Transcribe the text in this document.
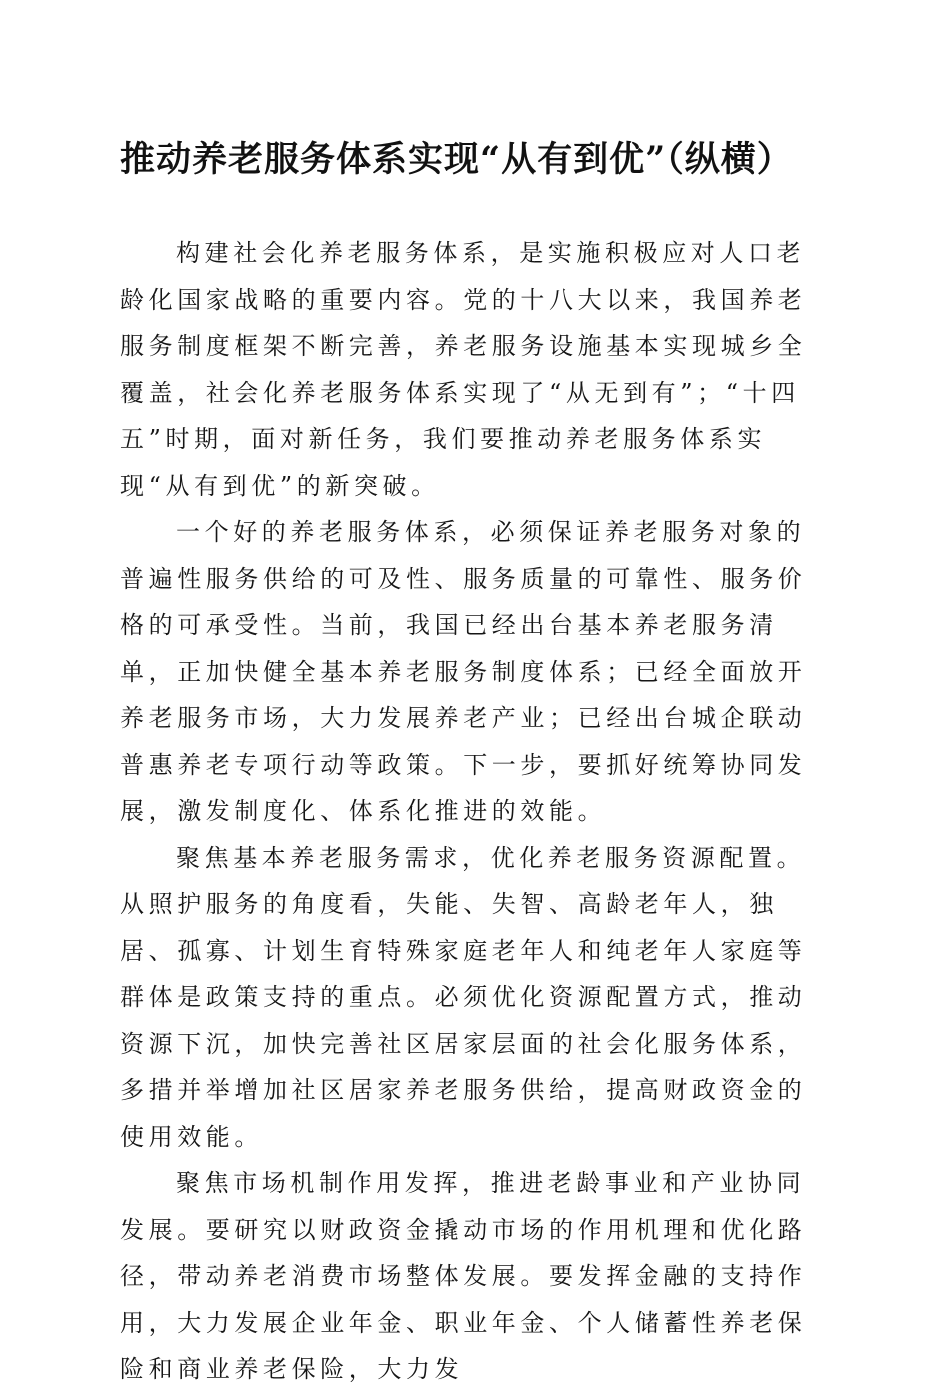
推动养老服务体系实现“从有到优”（纵横）

构建社会化养老服务体系，是实施积极应对人口老龄化国家战略的重要内容。党的十八大以来，我国养老服务制度框架不断完善，养老服务设施基本实现城乡全覆盖，社会化养老服务体系实现了“从无到有”；“十四五”时期，面对新任务，我们要推动养老服务体系实现“从有到优”的新突破。

一个好的养老服务体系，必须保证养老服务对象的普遍性服务供给的可及性、服务质量的可靠性、服务价格的可承受性。当前，我国已经出台基本养老服务清单，正加快健全基本养老服务制度体系；已经全面放开养老服务市场，大力发展养老产业；已经出台城企联动普惠养老专项行动等政策。下一步，要抓好统筹协同发展，激发制度化、体系化推进的效能。

聚焦基本养老服务需求，优化养老服务资源配置。从照护服务的角度看，失能、失智、高龄老年人，独居、孤寡、计划生育特殊家庭老年人和纯老年人家庭等群体是政策支持的重点。必须优化资源配置方式，推动资源下沉，加快完善社区居家层面的社会化服务体系，多措并举增加社区居家养老服务供给，提高财政资金的使用效能。

聚焦市场机制作用发挥，推进老龄事业和产业协同发展。要研究以财政资金撬动市场的作用机理和优化路径，带动养老消费市场整体发展。要发挥金融的支持作用，大力发展企业年金、职业年金、个人储蓄性养老保险和商业养老保险，大力发
